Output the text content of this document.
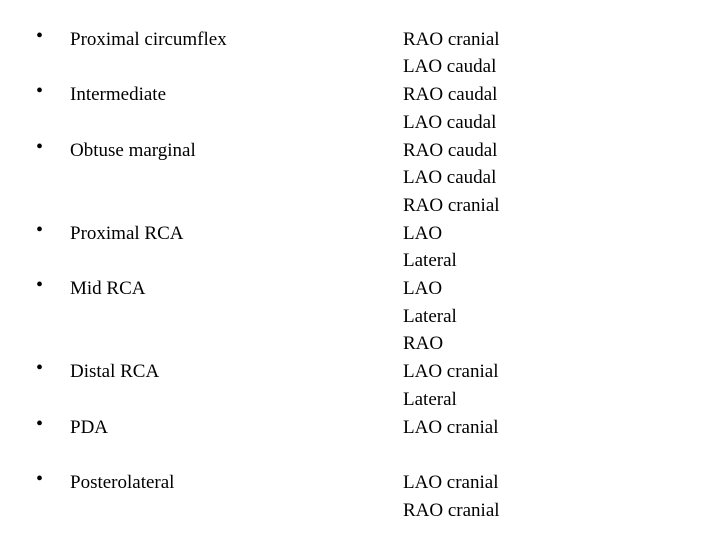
• Proximal circumflex
• Intermediate
• Obtuse marginal
• Proximal RCA
• Mid RCA
• Distal RCA
• PDA
• Posterolateral
RAO cranial
LAO caudal
RAO caudal
LAO caudal
RAO caudal
LAO caudal
RAO cranial
LAO
Lateral
LAO
Lateral
RAO
LAO cranial
Lateral
LAO cranial
LAO cranial
RAO cranial
